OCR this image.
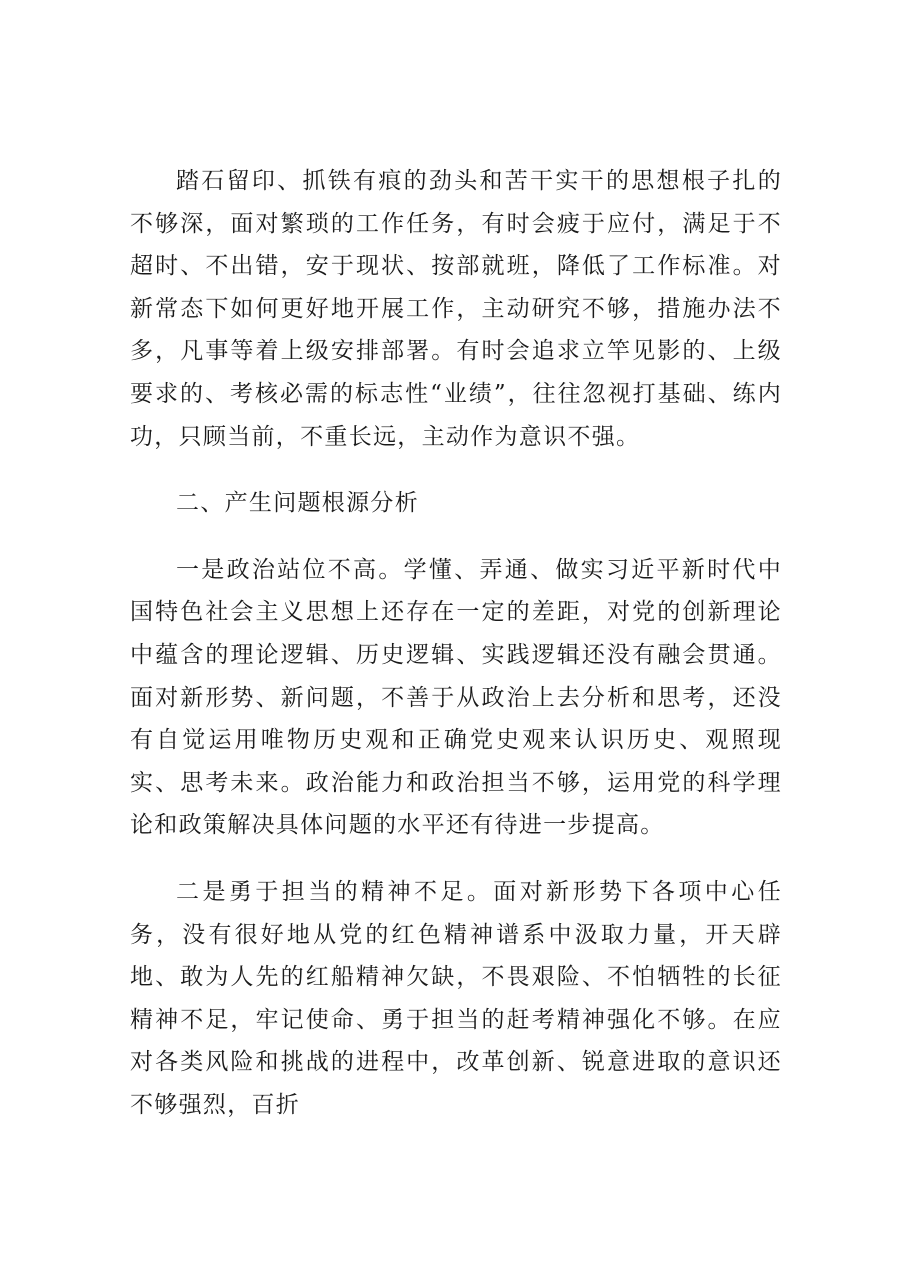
踏石留印、抓铁有痕的劲头和苦干实干的思想根子扎的不够深，面对繁琐的工作任务，有时会疲于应付，满足于不超时、不出错，安于现状、按部就班，降低了工作标准。对新常态下如何更好地开展工作，主动研究不够，措施办法不多，凡事等着上级安排部署。有时会追求立竿见影的、上级要求的、考核必需的标志性“业绩”，往往忽视打基础、练内功，只顾当前，不重长远，主动作为意识不强。

二、产生问题根源分析

一是政治站位不高。学懂、弄通、做实习近平新时代中国特色社会主义思想上还存在一定的差距，对党的创新理论中蕴含的理论逻辑、历史逻辑、实践逻辑还没有融会贯通。面对新形势、新问题，不善于从政治上去分析和思考，还没有自觉运用唯物历史观和正确党史观来认识历史、观照现实、思考未来。政治能力和政治担当不够，运用党的科学理论和政策解决具体问题的水平还有待进一步提高。

二是勇于担当的精神不足。面对新形势下各项中心任务，没有很好地从党的红色精神谱系中汲取力量，开天辟地、敢为人先的红船精神欠缺，不畏艰险、不怕牺牲的长征精神不足，牢记使命、勇于担当的赶考精神强化不够。在应对各类风险和挑战的进程中，改革创新、锐意进取的意识还不够强烈，百折
